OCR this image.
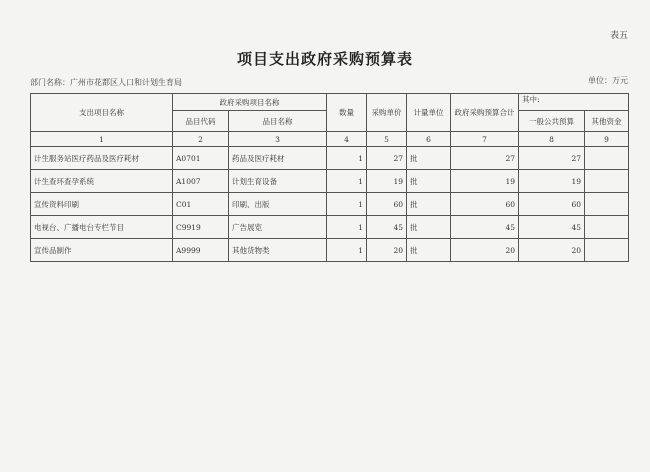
表五
项目支出政府采购预算表
部门名称：广州市花都区人口和计划生育局	单位：万元
支出项目名称	政府采购项目名称		数量	采购单价	计量单位	政府采购预算合计	其中:	
	品目代码	品目名称					一般公共预算	其他资金
1	2	3	4	5	6	7	8	9
计生服务站医疗药品及医疗耗材	A0701	药品及医疗耗材	1	27	批	27	27	
计生查环查孕系统	A1007	计划生育设备	1	19	批	19	19	
宣传资料印刷	C01	印刷、出版	1	60	批	60	60	
电视台、广播电台专栏节目	C9919	广告展览	1	45	批	45	45	
宣传品制作	A9999	其他货物类	1	20	批	20	20	
